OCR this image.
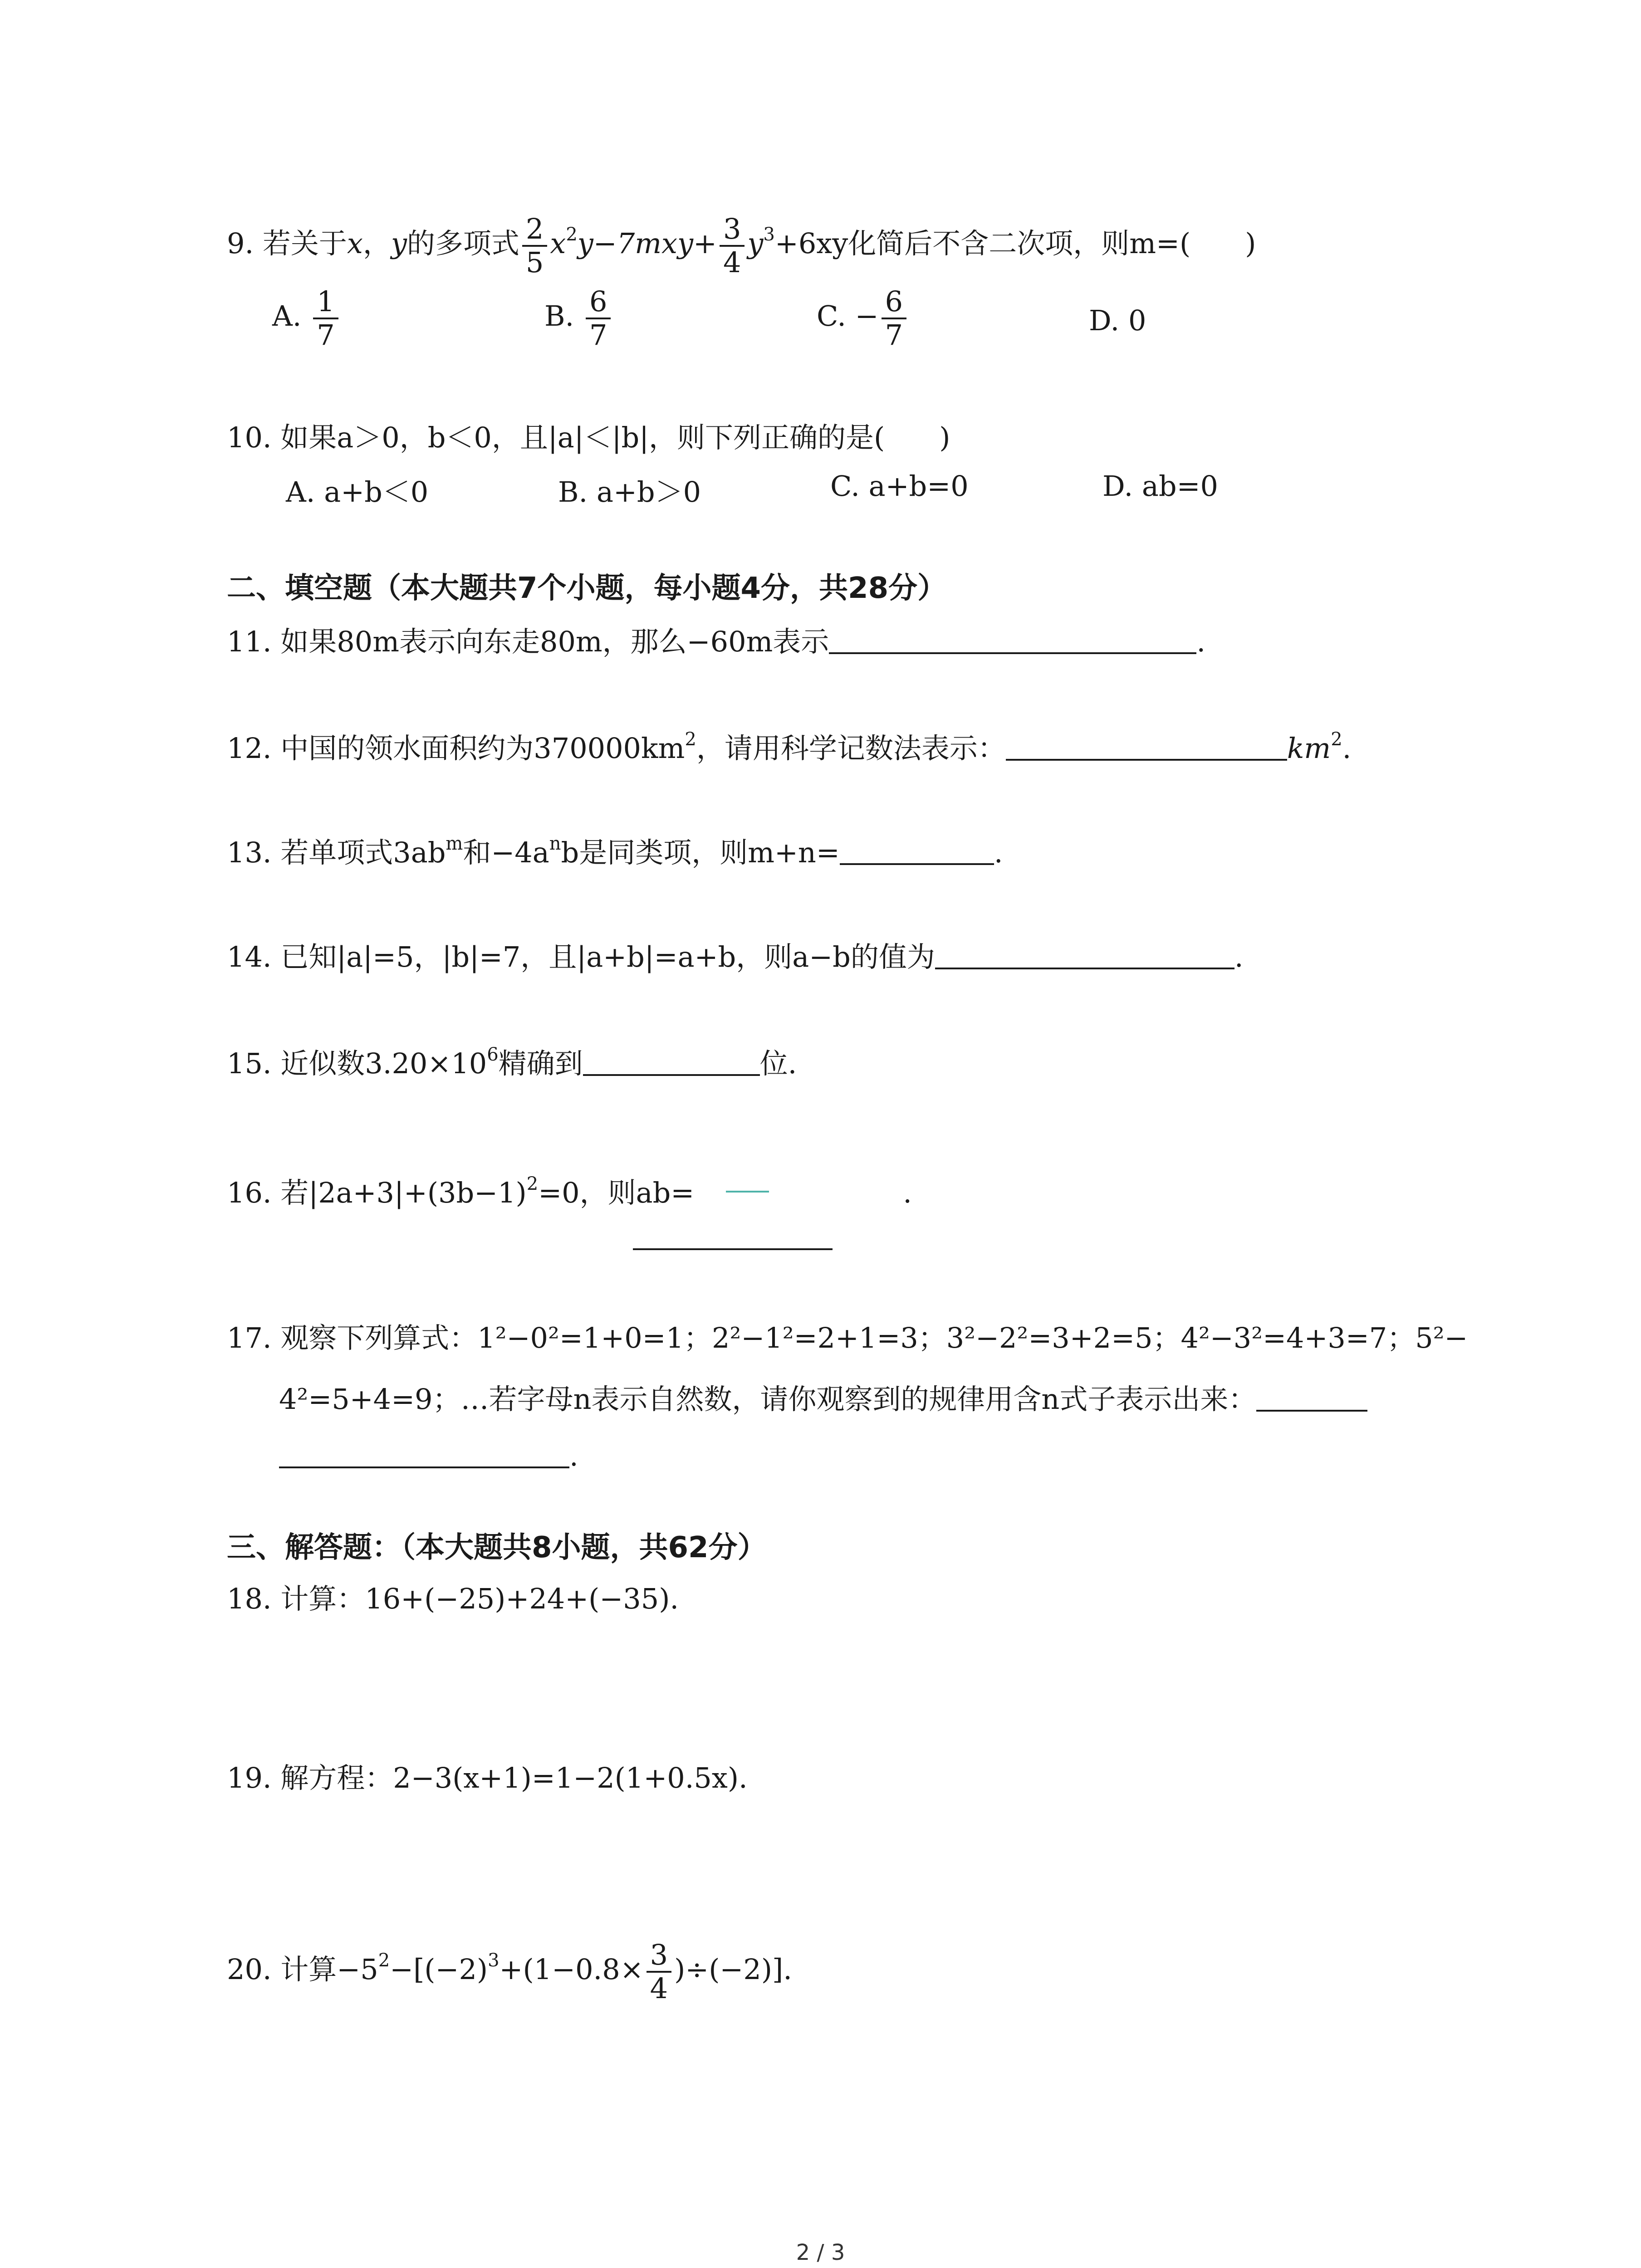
9. 若关于x，y的多项式 $\frac{2}{5} x^2y-7mxy+ \frac{3}{4} y^3+6xy$化简后不含二次项，则m=( )
A. $\frac{1}{7}$	B. $\frac{6}{7}$	C. − $\frac{6}{7}$	D. 0
10. 如果a＞0，b＜0，且|a|＜|b|，则下列正确的是( )
A. a+b＜0	B. a+b＞0	C. a+b=0	D. ab=0
二、填空题（本大题共7个小题，每小题4分，共28分）
11. 如果80m表示向东走80m，那么−60m表示	.
12. 中国的领水面积约为$370000km^2$，请用科学记数法表示：	$km^2$.
13. 若单项式$3ab^m$和$-4a^nb$是同类项，则m+n=	.
14. 已知|a|=5，|b|=7，且|a+b|=a+b，则a−b的值为	.
15. 近似数$3.20\times 10^6$精确到	位.
16. 若$|2a+3|+(3b-1)^2=0$，则ab=	.
17. 观察下列算式：1²−0²=1+0=1；2²−1²=2+1=3；3²−2²=3+2=5；4²−3²=4+3=7；5²−
4²=5+4=9；…若字母n表示自然数，请你观察到的规律用含n式子表示出来：
.
三、解答题：（本大题共8小题，共62分）
18. 计算：16+(−25)+24+(−35).
19. 解方程：2−3(x+1)=1−2(1+0.5x).
20. 计算$-5^2-[(-2)^3+(1-0.8\times \frac{3}{4} )\div(-2)]$.
2 / 3
